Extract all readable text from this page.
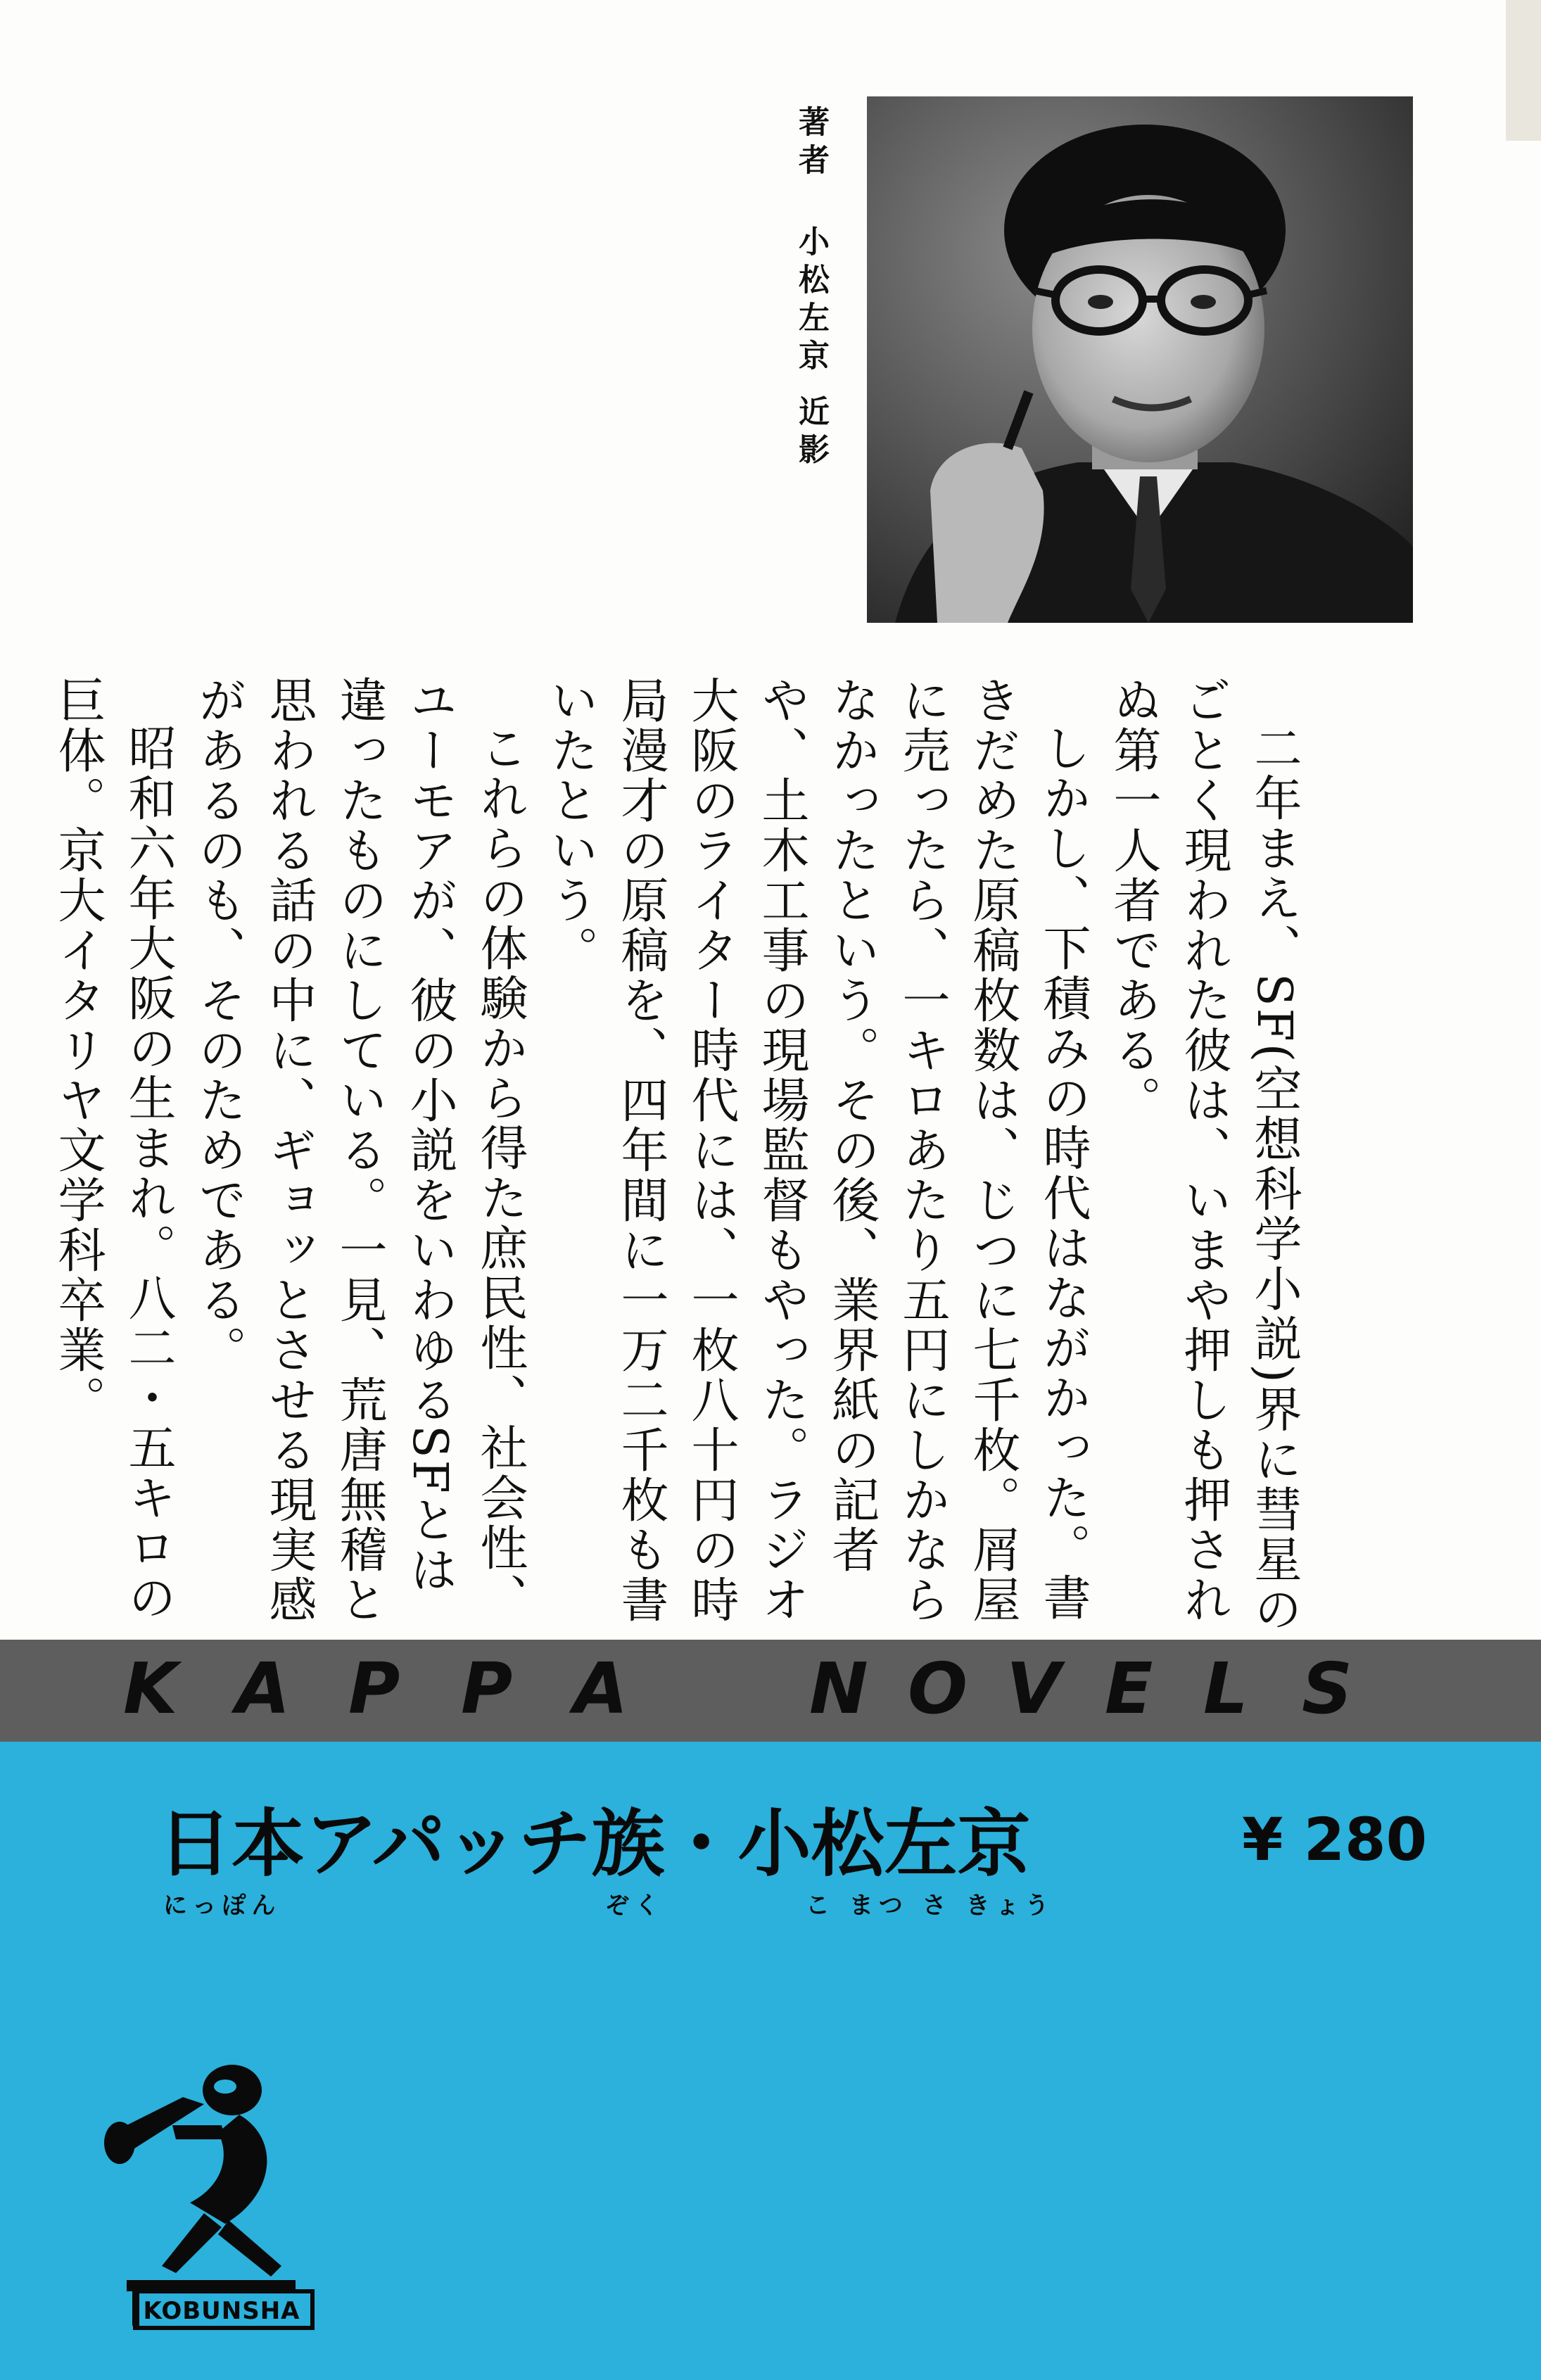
著者
小松左京 近影

二年まえ、SF(空想科学小説)界に彗星のごとく現われた彼は、いまや押しも押されぬ第一人者である。

しかし、下積みの時代はながかった。書きだめた原稿枚数は、じつに七千枚。屑屋に売ったら、一キロあたり五円にしかならなかったという。その後、業界紙の記者や、土木工事の現場監督もやった。ラジオ大阪のライター時代には、一枚八十円の時局漫才の原稿を、四年間に一万二千枚も書いたという。

これらの体験から得た庶民性、社会性、ユーモアが、彼の小説をいわゆるSFとは違ったものにしている。一見、荒唐無稽と思われる話の中に、ギョッとさせる現実感があるのも、そのためである。

昭和六年大阪の生まれ。八二・五キロの巨体。京大イタリヤ文学科卒業。

K A P P A	N O V E L S
日本アパッチ族・小松左京
にっぽん	ぞく	こ まつ さ きょう
¥ 280
KOBUNSHA
